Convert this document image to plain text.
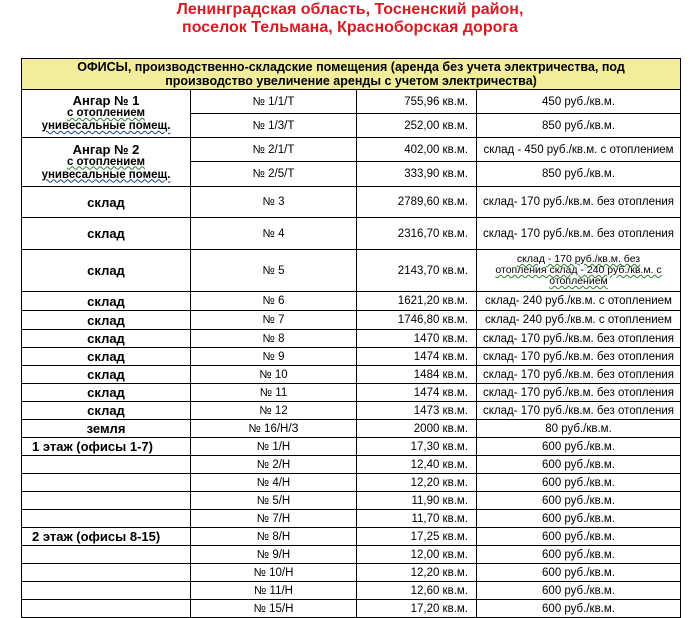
Ленинградская область, Тосненский район,
поселок Тельмана, Красноборская дорога
ОФИСЫ, производственно-складские помещения (аренда без учета электричества, под
производство увеличение аренды с учетом электричества)			

Ангар № 1
с отоплением
унивесальные помещ.	№ 1/1/Т	755,96 кв.м.	450 руб./кв.м.
	№ 1/3/Т	252,00 кв.м.	850 руб./кв.м.

Ангар № 2
с отоплением
унивесальные помещ.	№ 2/1/Т	402,00 кв.м.	склад - 450 руб./кв.м. с отоплением
	№ 2/5/Т	333,90 кв.м.	850 руб./кв.м.
склад	№ 3	2789,60 кв.м.	склад- 170 руб./кв.м. без отопления
склад	№ 4	2316,70 кв.м.	склад- 170 руб./кв.м. без отопления
склад	№ 5	2143,70 кв.м.	склад - 170 руб./кв.м. без
отопления склад - 240 руб./кв.м. с
отоплением

склад	№ 6	1621,20 кв.м.	склад- 240 руб./кв.м. с отоплением
склад	№ 7	1746,80 кв.м.	склад- 240 руб./кв.м. с отоплением
склад	№ 8	1470 кв.м.	склад- 170 руб./кв.м. без отопления
склад	№ 9	1474 кв.м.	склад- 170 руб./кв.м. без отопления
склад	№ 10	1484 кв.м.	склад- 170 руб./кв.м. без отопления
склад	№ 11	1474 кв.м.	склад- 170 руб./кв.м. без отопления
склад	№ 12	1473 кв.м.	склад- 170 руб./кв.м. без отопления
земля	№ 16/Н/З	2000 кв.м.	80 руб./кв.м.
1 этаж (офисы 1-7)	№ 1/Н	17,30 кв.м.	600 руб./кв.м.
	№ 2/Н	12,40 кв.м.	600 руб./кв.м.
	№ 4/Н	12,20 кв.м.	600 руб./кв.м.
	№ 5/Н	11,90 кв.м.	600 руб./кв.м.
	№ 7/Н	11,70 кв.м.	600 руб./кв.м.
2 этаж (офисы 8-15)	№ 8/Н	17,25 кв.м.	600 руб./кв.м.
	№ 9/Н	12,00 кв.м.	600 руб./кв.м.
	№ 10/Н	12,20 кв.м.	600 руб./кв.м.
	№ 11/Н	12,60 кв.м.	600 руб./кв.м.
	№ 15/Н	17,20 кв.м.	600 руб./кв.м.
